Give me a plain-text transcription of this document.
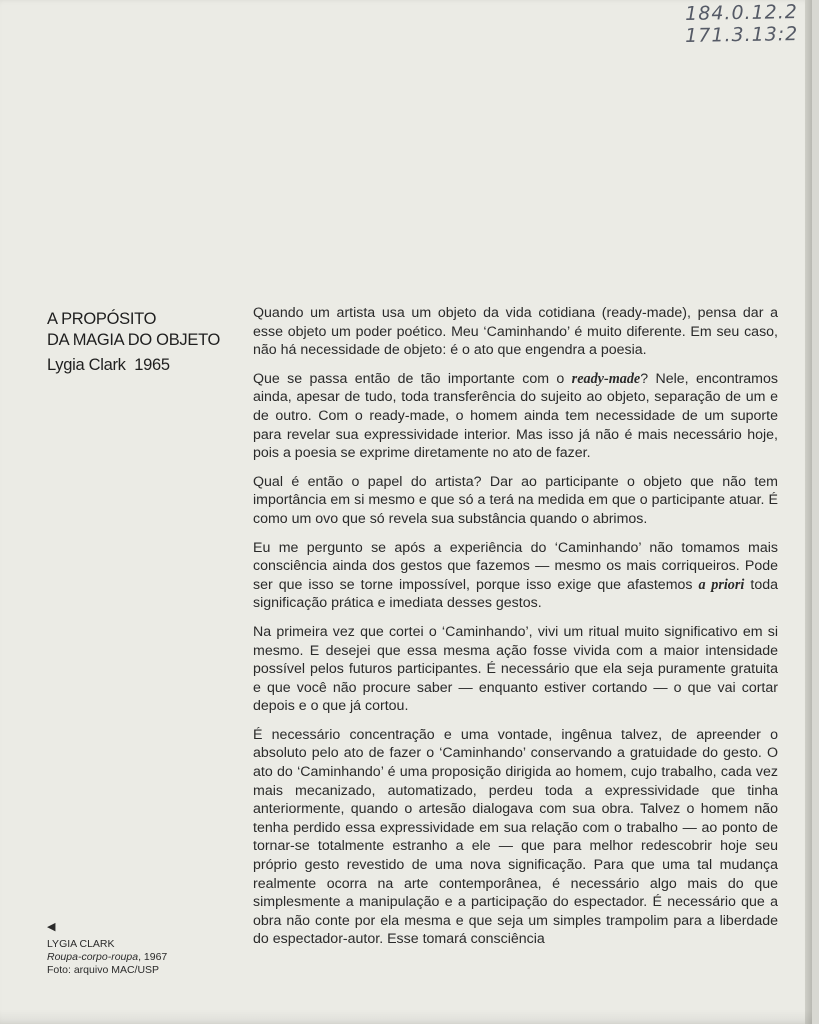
184.0.12.2
171.3.13:2
A PROPÓSITO
DA MAGIA DO OBJETO
Lygia Clark  1965

Quando um artista usa um objeto da vida cotidiana (ready-made), pensa dar a esse objeto um poder poético. Meu ‘Caminhando’ é muito diferente. Em seu caso, não há necessidade de objeto: é o ato que engendra a poesia.

Que se passa então de tão importante com o ready-made? Nele, encontramos ainda, apesar de tudo, toda transferência do sujeito ao objeto, separação de um e de outro. Com o ready-made, o homem ainda tem necessidade de um suporte para revelar sua expressividade interior. Mas isso já não é mais necessário hoje, pois a poesia se exprime diretamente no ato de fazer.

Qual é então o papel do artista? Dar ao participante o objeto que não tem importância em si mesmo e que só a terá na medida em que o participante atuar. É como um ovo que só revela sua substância quando o abrimos.

Eu me pergunto se após a experiência do ‘Caminhando’ não tomamos mais consciência ainda dos gestos que fazemos — mesmo os mais corriqueiros. Pode ser que isso se torne impossível, porque isso exige que afastemos a priori toda significação prática e imediata desses gestos.

Na primeira vez que cortei o ‘Caminhando’, vivi um ritual muito significativo em si mesmo. E desejei que essa mesma ação fosse vivida com a maior intensidade possível pelos futuros participantes. É necessário que ela seja puramente gratuita e que você não procure saber — enquanto estiver cortando — o que vai cortar depois e o que já cortou.

É necessário concentração e uma vontade, ingênua talvez, de apreender o absoluto pelo ato de fazer o ‘Caminhando’ conservando a gratuidade do gesto. O ato do ‘Caminhando’ é uma proposição dirigida ao homem, cujo trabalho, cada vez mais mecanizado, automatizado, perdeu toda a expressividade que tinha anteriormente, quando o artesão dialogava com sua obra. Talvez o homem não tenha perdido essa expressividade em sua relação com o trabalho — ao ponto de tornar-se totalmente estranho a ele — que para melhor redescobrir hoje seu próprio gesto revestido de uma nova significação. Para que uma tal mudança realmente ocorra na arte contemporânea, é necessário algo mais do que simplesmente a manipulação e a participação do espectador. É necessário que a obra não conte por ela mesma e que seja um simples trampolim para a liberdade do espectador-autor. Esse tomará consciência

◀
LYGIA CLARK
Roupa-corpo-roupa, 1967
Foto: arquivo MAC/USP
